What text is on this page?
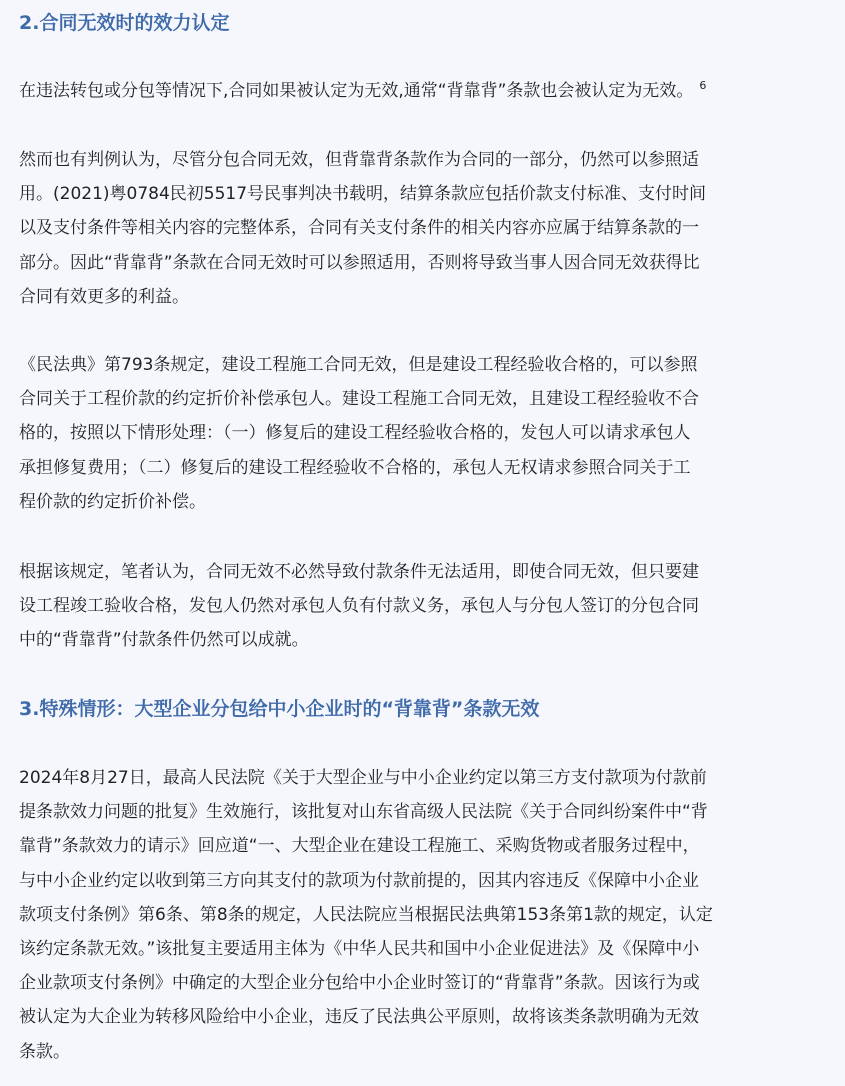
2.合同无效时的效力认定

在违法转包或分包等情况下,合同如果被认定为无效,通常“背靠背”条款也会被认定为无效。 $^6$

然而也有判例认为，尽管分包合同无效，但背靠背条款作为合同的一部分，仍然可以参照适
用。(2021)粤0784民初5517号民事判决书载明，结算条款应包括价款支付标准、支付时间
以及支付条件等相关内容的完整体系，合同有关支付条件的相关内容亦应属于结算条款的一
部分。因此“背靠背”条款在合同无效时可以参照适用，否则将导致当事人因合同无效获得比
合同有效更多的利益。

《民法典》第793条规定，建设工程施工合同无效，但是建设工程经验收合格的，可以参照
合同关于工程价款的约定折价补偿承包人。建设工程施工合同无效，且建设工程经验收不合
格的，按照以下情形处理：（一）修复后的建设工程经验收合格的，发包人可以请求承包人
承担修复费用；（二）修复后的建设工程经验收不合格的，承包人无权请求参照合同关于工
程价款的约定折价补偿。

根据该规定，笔者认为，合同无效不必然导致付款条件无法适用，即使合同无效，但只要建
设工程竣工验收合格，发包人仍然对承包人负有付款义务，承包人与分包人签订的分包合同
中的“背靠背”付款条件仍然可以成就。

3.特殊情形：大型企业分包给中小企业时的“背靠背”条款无效

2024年8月27日，最高人民法院《关于大型企业与中小企业约定以第三方支付款项为付款前
提条款效力问题的批复》生效施行，该批复对山东省高级人民法院《关于合同纠纷案件中“背
靠背”条款效力的请示》回应道“一、大型企业在建设工程施工、采购货物或者服务过程中，
与中小企业约定以收到第三方向其支付的款项为付款前提的，因其内容违反《保障中小企业
款项支付条例》第6条、第8条的规定，人民法院应当根据民法典第153条第1款的规定，认定
该约定条款无效。”该批复主要适用主体为《中华人民共和国中小企业促进法》及《保障中小
企业款项支付条例》中确定的大型企业分包给中小企业时签订的“背靠背”条款。因该行为或
被认定为大企业为转移风险给中小企业，违反了民法典公平原则，故将该类条款明确为无效
条款。
